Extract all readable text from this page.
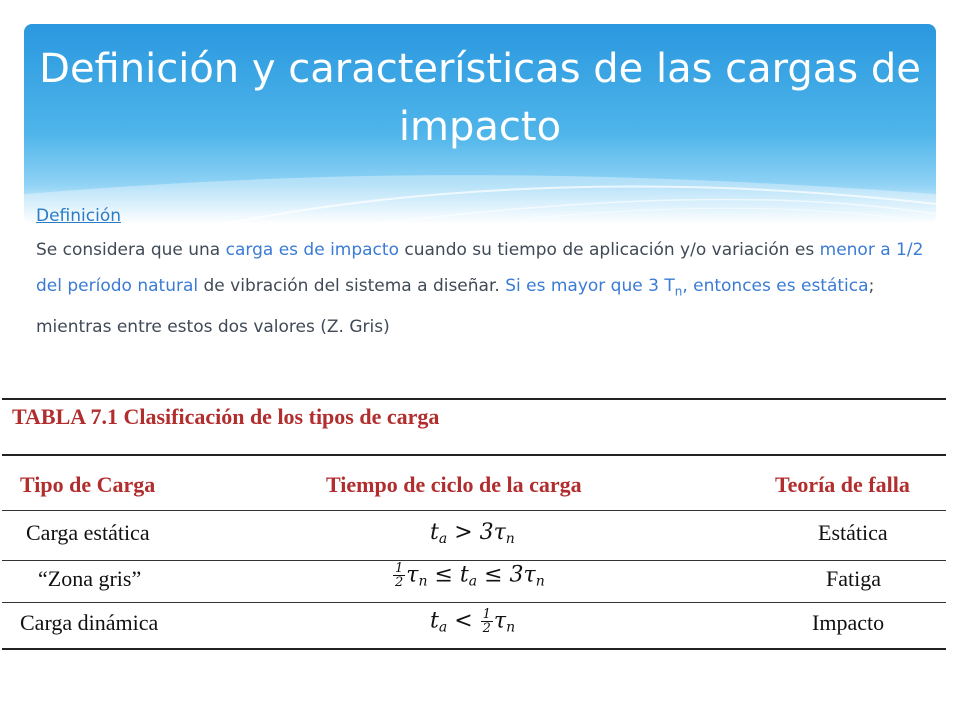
Definición y características de las cargas de impacto
Definición
Se considera que una carga es de impacto cuando su tiempo de aplicación y/o variación es menor a 1/2 del período natural de vibración del sistema a diseñar. Si es mayor que 3 $T_n$, entonces es estática; mientras entre estos dos valores (Z. Gris)
TABLA 7.1 Clasificación de los tipos de carga
Tipo de Carga	Tiempo de ciclo de la carga	Teoría de falla
Carga estática	$t_a > 3\tau_n$	Estática
“Zona gris”	$\frac{1}{2} \tau_n \le t_a \le 3\tau_n$	Fatiga
Carga dinámica	$t_a < \frac{1}{2} \tau_n$	Impacto
